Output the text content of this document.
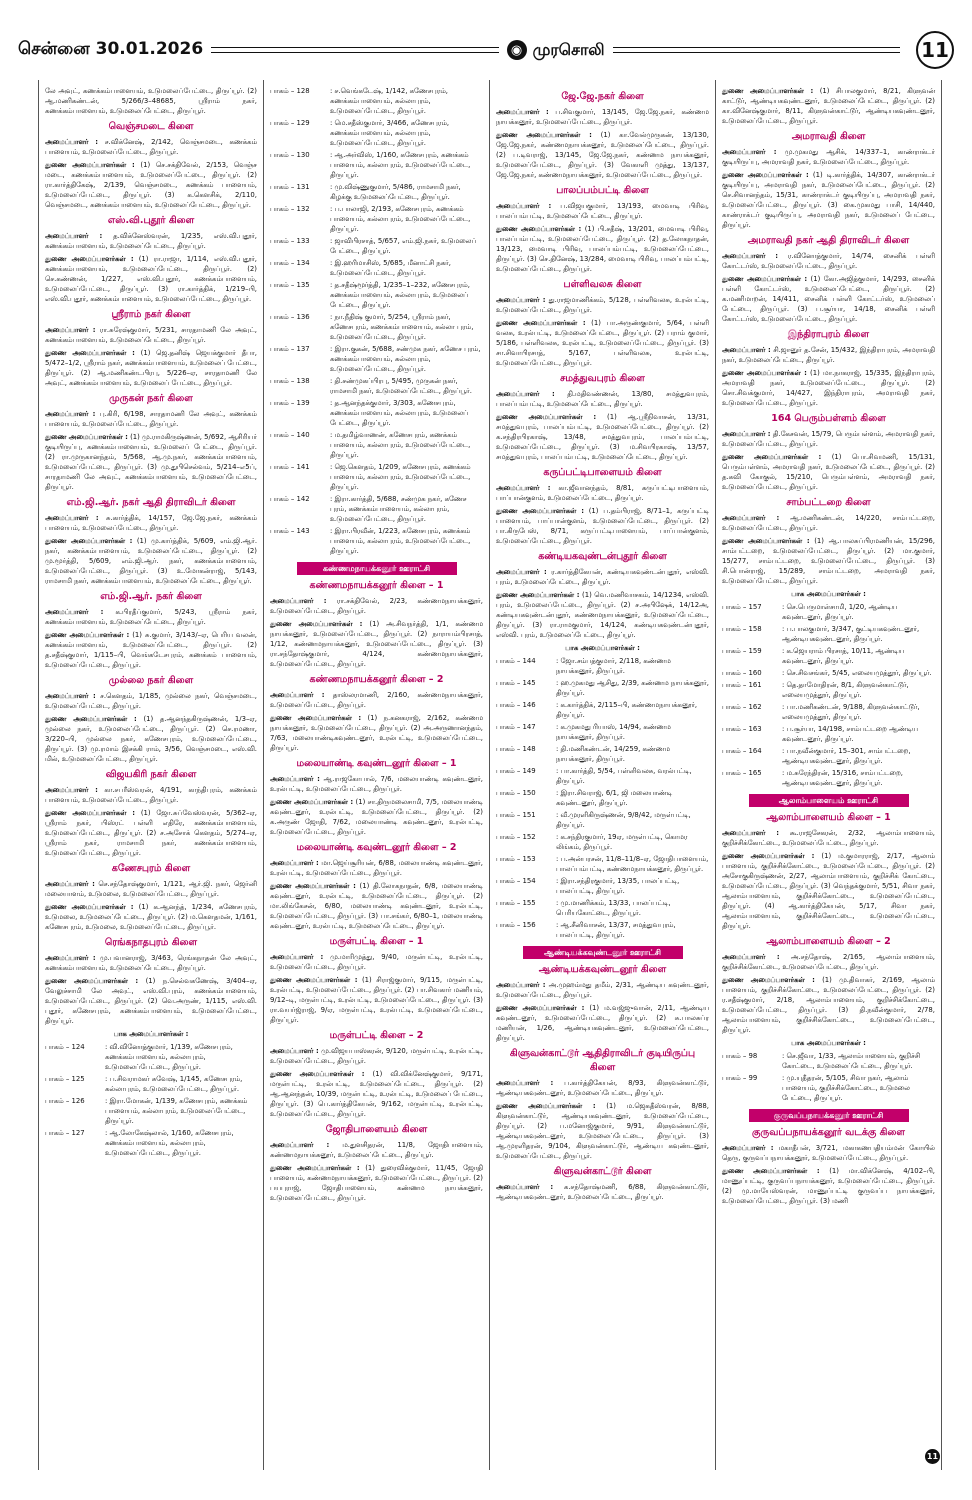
சென்னை 30.01.2026	◉ முரசொலி	11

லே அவுட், கணக்கம்பாளையம், உடுமலைப்பேட்டை, திருப்பூர். (2) ஆ.மணிகண்டன், 5/266/3–48685, ஸ்ரீராம் நகர், கணக்கம்பாளையம், உடுமலைப்பேட்டை, திருப்பூர்.

வெஞ்சமடை கிளை

அமைப்பாளர் : ச.விக்னேஷ், 2/142, வெஞ்சமடை, கணக்கம் பாளையம், உடுமலைப்பேட்டை, திருப்பூர்.

துணை அமைப்பாளர்கள் : (1) செ.சக்திவேல், 2/153, வெஞ்ச மடை, கணக்கம்பாளையம், உடுமலைப்பேட்டை, திருப்பூர். (2) ரா.கார்த்திகேஷ், 2/139, வெஞ்சமடை, கணக்கம் பாளையம், உடுமலைப்பேட்டை, திருப்பூர். (3) க.கௌசிக், 2/110, வெஞ்சமடை, கணக்கம்பாளையம், உடுமலைப்பேட்டை, திருப்பூர்.

எஸ்.வி.புதூர் கிளை

அமைப்பாளர் : த.விக்னேஸ்வரன், 1/235, எஸ்.வி.புதூர், கணக்கம்பாளையம், உடுமலைப்பேட்டை, திருப்பூர்.

துணை அமைப்பாளர்கள் : (1) ரா.ராஜா, 1/114, எஸ்.வி.புதூர், கணக்கம்பாளையம், உடுமலைப்பேட்டை, திருப்பூர். (2) செ.கண்ணன், 1/227, எஸ்.வி.புதூர், கணக்கம்பாளையம், உடுமலைப்பேட்டை, திருப்பூர். (3) ரா.கார்த்திக், 1/219–பி, எஸ்.வி.புதூர், கணக்கம்பாளையம், உடுமலைப்பேட்டை, திருப்பூர்.

ஸ்ரீராம் நகர் கிளை

அமைப்பாளர் : ரா.சுரேஷ்குமார், 5/231, சாரதாமணி லே அவுட், கணக்கம்பாளையம், உடுமலைப்பேட்டை, திருப்பூர்.

துணை அமைப்பாளர்கள் : (1) ஜெ.தனிஷ் ஜெயக்குமார் தீபா, 5/472–1/2, ஸ்ரீராம் நகர், கணக்கம்பாளையம், உடுமலைப் பேட்டை, திருப்பூர். (2) ஆ.மணிகண்டபிரபு, 5/226–ஏ, சாரதாமணி லே அவுட், கணக்கம்பாளையம், உடுமலைப் பேட்டை, திருப்பூர்.

முருகன் நகர் கிளை

அமைப்பாளர் : பு.கிரி, 6/198, சாரதாமணி லே அவுட், கணக்கம் பாளையம், உடுமலைப்பேட்டை, திருப்பூர்.

துணை அமைப்பாளர்கள் : (1) மு.ராமகிருஷ்ணன், 5/692, ஆசிரியர் குடியிருப்பு, கணக்கம்பாளையம், உடுமலைப் பேட்டை, திருப்பூர். (2) ரா.முருகானந்தம், 5/568, ஆ.மு.நகர், கணக்கம்பாளையம், உடுமலைப்பேட்டை, திருப்பூர். (3) மு.துபிசெல்வம், 5/214–எ5ப், சாரதாமணி லே அவுட், கணக்கம்பாளையம், உடுமலைப்பேட்டை, திருப்பூர்.

எம்.ஜி.ஆர். நகர் ஆதி திராவிடர் கிளை

அமைப்பாளர் : சு.கார்த்திக், 14/157, ஜே.ஜே.நகர், கணக்கம் பாளையம், உடுமலைப்பேட்டை, திருப்பூர்.

துணை அமைப்பாளர்கள் : (1) மு.கார்த்திக், 5/609, எம்.ஜி.ஆர். நகர், கணக்கம்பாளையம், உடுமலைப்பேட்டை, திருப்பூர். (2) மு.மூர்த்தி, 5/609, எம்.ஜி.ஆர். நகர், கணக்கம்பாளையம், உடுமலைப்பேட்டை, திருப்பூர். (3) உ.மோகன்ராஜ், 5/143, ராமசாமி நகர், கணக்கம்பாளையம், உடுமலைப்பேட்டை, திருப்பூர்.

எம்.ஜி.ஆர். நகர் கிளை

அமைப்பாளர் : க.பிரதீப்குமார், 5/243, ஸ்ரீராம் நகர், கணக்கம்பாளையம், உடுமலைப்பேட்டை, திருப்பூர்.

துணை அமைப்பாளர்கள் : (1) சு.குமார், 3/143/–ஏ, பெரிய வலன், கணக்கம்பாளையம், உடுமலைப்பேட்டை, திருப்பூர். (2) த.சதீஷ்குமார், 1/115–பி, வெங்கடேசபுரம், கணக்கம் பாளையம், உடுமலைப்பேட்டை, திருப்பூர்.

முல்லை நகர் கிளை

அமைப்பாளர் : ச.கௌதம், 1/185, முல்லை நகர், வெஞ்சமடை, உடுமலைப்பேட்டை, திருப்பூர்.

துணை அமைப்பாளர்கள் : (1) த.ஆனந்தகிருஷ்ணன், 1/3–ஏ, முல்லை நகர், உடுமலைப்பேட்டை, திருப்பூர். (2) செ.ரமணா, 3/220–பி, முல்லை நகர், கணேசபுரம், உடுமலைப்பேட்டை, திருப்பூர். (3) மு.ரமாம் இசக்கி ராம், 3/56, வெஞ்சமடை, எஸ்.வி. மில், உடுமலைப்பேட்டை, திருப்பூர்.

விஜயகிரி நகர் கிளை

அமைப்பாளர் : கா.சபரீஸ்வரன், 4/191, காந்திபுரம், கணக்கம் பாளையம், உடுமலைப்பேட்டை, திருப்பூர்.

துணை அமைப்பாளர்கள் : (1) ஜோ.சுப்வேஸ்வரன், 5/362–ஏ, ஸ்ரீராம் நகர், பிஸ்ரட் பள்ளி எதிரே, கணக்கம்பாளையம், உடுமலைப்பேட்டை, திருப்பூர். (2) ச.அசோக் கௌதம், 5/274–ஏ, ஸ்ரீராம் நகர், ராமசாமி நகர், கணக்கம்பாளையம், உடுமலைப்பேட்டை, திருப்பூர்.

கணேசபுரம் கிளை

அமைப்பாளர் : செ.சந்தோஷ்குமார், 1/121, ஆர்.ஜி. நகர், ஜெர்னி மலையாளம், உடுமலை, உடுமலைப்பேட்டை, திருப்பூர்.

துணை அமைப்பாளர்கள் : (1) க.ஆனந்த், 1/234, கணேசபுரம், உடுமலை, உடுமலைப்பேட்டை, திருப்பூர். (2) ம.கௌதமன், 1/161, கணேசபுரம், உடுமலை, உடுமலைப்பேட்டை, திருப்பூர்.

ரெங்கநாதபுரம் கிளை

அமைப்பாளர் : மு.பவானராஜ், 3/463, ரெங்கநாதன் லே அவுட், கணக்கம்பாளையம், உடுமலைப்பேட்டை, திருப்பூர்.

துணை அமைப்பாளர்கள் : (1) ந.செல்வகணேஷ், 3/404–ஏ, வேலுச்சாமி லே அவுட், எஸ்.வி.புரம், கணக்கம்பாளையம், உடுமலைப்பேட்டை, திருப்பூர். (2) வெ.அருண், 1/115, எஸ்.வி. புதூர், கணேசபுரம், கணக்கம்பாளையம், உடுமலைப்பேட்டை, திருப்பூர்.

பாக அமைப்பாளர்கள் :
பாகம் – 124	: வி.வினோத்குமார், 1/139, கணேசபுரம், கணக்கம்பாளையம், கல்லாபுரம், உடுமலைப்பேட்டை, திருப்பூர்.
பாகம் – 125	: ப.சிவராமகர் சுவேஷ், 1/145, கணேசபுரம், கல்லாபுரம், உடுமலைப்பேட்டை, திருப்பூர்.
பாகம் – 126	: இரா.மோகன், 1/139, கணேசபுரம், கணக்கம் பாளையம், கல்லாபுரம், உடுமலைப்பேட்டை, திருப்பூர்.
பாகம் – 127	: ஆ.லோகேஷ்லால், 1/160, கணேசபுரம், கணக்கம்பாளையம், கல்லாபுரம், உடுமலைப்பேட்டை, திருப்பூர்.
பாகம் – 128	: ச.வெங்கடேஷ், 1/142, கணேசபுரம், கணக்கம்பாளையம், கல்லாபுரம், உடுமலைப்பேட்டை, திருப்பூர்.
பாகம் – 129	: மெ.சதீஸ்குமார், 3/466, கணேசபுரம், கணக்கம்பாளையம், கல்லாபுரம், உடுமலைப்பேட்டை, திருப்பூர்.
பாகம் – 130	: ஆ.அர்விஸ், 1/160, கணேசபுரம், கணக்கம் பாளையம், கல்லாபுரம், உடுமலைப்பேட்டை, திருப்பூர்.
பாகம் – 131	: மு.விஷ்ணுகுமார், 5/486, ராமசாமி நகர், கிழக்கு உடுமலைப்பேட்டை, திருப்பூர்.
பாகம் – 132	: ப.பாலாஜி, 2/193, கணேசபுரம், கணக்கம் பாளையம், கல்லாபுரம், உடுமலைப்பேட்டை, திருப்பூர்.
பாகம் – 133	: ஜாவிபிரசாத், 5/657, எம்.ஜி.நகர், உடுமலைப் பேட்டை, திருப்பூர்.
பாகம் – 134	: இ.ஹரிமாசிஸ், 5/685, மீனாட்சி நகர், உடுமலைப்பேட்டை, திருப்பூர்.
பாகம் – 135	: த.சதீஷ்மூர்த்தி, 1/235–1–232, கணேசபுரம், கணக்கம்பாளையம், கல்லாபுரம், உடுமலைப் பேட்டை, திருப்பூர்.
பாகம் – 136	: நா.நீதிஷ் குமார், 5/254, ஸ்ரீராம் நகர், கணேசபுரம், கணக்கம்பாளையம், கல்லா புரம், உடுமலைப்பேட்டை, திருப்பூர்.
பாகம் – 137	: இரா.குகன், 5/688, சண்முக நகர், கணேச புரம், கணக்கம்பாளையம், கல்லாபுரம், உடுமலைப்பேட்டை, திருப்பூர்.
பாகம் – 138	: தி.சண்முகப்பிரபு, 5/495, முருகன் நகர், ராமசாமி நகர், உடுமலைப்பேட்டை, திருப்பூர்.
பாகம் – 139	: த.ஆனந்தக்குமார், 3/303, கணேசபுரம், கணக்கம்பாளையம், கல்லாபுரம், உடுமலைப் பேட்டை, திருப்பூர்.
பாகம் – 140	: ம.தமிழ்வாணன், கணேசபுரம், கணக்கம் பாளையம், கல்லாபுரம், உடுமலைப்பேட்டை, திருப்பூர்.
பாகம் – 141	: ஜெ.கௌதம், 1/209, கணேசபுரம், கணக்கம் பாளையம், கல்லாபுரம், உடுமலைப்பேட்டை, திருப்பூர்.
பாகம் – 142	: இரா.கார்த்தி, 5/688, சண்முக நகர், கணேச புரம், கணக்கம்பாளையம், கல்லாபுரம், உடுமலைப்பேட்டை, திருப்பூர்.
பாகம் – 143	: இரா.பிரவீன், 1/223, கணேசபுரம், கணக்கம் பாளையம், கல்லாபுரம், உடுமலைப்பேட்டை, திருப்பூர்.
கண்ணமநாயக்கனூர் ஊராட்சி
கண்ணமநாயக்கனூர் கிளை – 1

அமைப்பாளர் : ரா.சக்திவேல், 2/23, கண்ணமநாயக்கனூர், உடுமலைப்பேட்டை, திருப்பூர்.

துணை அமைப்பாளர்கள் : (1) அ.சிவநர்த்தி, 1/1, கண்ணம நாயக்கனூர், உடுமலைப்பேட்டை, திருப்பூர். (2) நாராயம்பிரசாத், 1/12, கண்ணமநாயக்கனூர், உடுமலைப்பேட்டை, திருப்பூர். (3) ரா.சந்தோஷ்குமார், 4/124, கண்ணமநாயக்கனூர், உடுமலைப்பேட்டை, திருப்பூர்.

கண்ணமநாயக்கனூர் கிளை – 2

அமைப்பாளர் : தாஸ்லரமாணி, 2/160, கண்ணமநாயக்கனூர், உடுமலைப்பேட்டை, திருப்பூர்.

துணை அமைப்பாளர்கள் : (1) ந.கனகராஜ், 2/162, கண்ணம நாயக்கனூர், உடுமலைப்பேட்டை, திருப்பூர். (2) அ.அருணானந்தம், 7/63, மலையாண்டிகவுண்டனூர், உரல்பட்டி, உடுமலைப்பேட்டை, திருப்பூர்.

மலையாண்டி கவுண்டனூர் கிளை – 1

அமைப்பாளர் : ஆ.ராஜகோபால், 7/6, மலையாண்டி கவுண்டனூர், உரல்பட்டி, உடுமலைப்பேட்டை, திருப்பூர்.

துணை அமைப்பாளர்கள் : (1) சா.திருமலைசாமி, 7/5, மலையாண்டி கவுண்டனூர், உரல்பட்டி, உடுமலைப்பேட்டை, திருப்பூர். (2) க.அருண் ஜோதி, 7/62, மலையாண்டி கவுண்டனூர், உரல்பட்டி, உடுமலைப்பேட்டை, திருப்பூர்.

மலையாண்டி கவுண்டனூர் கிளை – 2

அமைப்பாளர் : மா.ஜெய்சூரியன், 6/88, மலையாண்டி கவுண்டனூர், உரல்பட்டி, உடுமலைப்பேட்டை, திருப்பூர்.

துணை அமைப்பாளர்கள் : (1) தி.லோகநாதன், 6/8, மலையாண்டி கவுண்டனூர், உரல்பட்டி, உடுமலைப்பேட்டை, திருப்பூர். (2) மா.லிங்கேசன், 6/80, மலையாண்டி கவுண்டனூர், உரல்பட்டி, உடுமலைப்பேட்டை, திருப்பூர். (3) பா.சங்கர், 6/80–1, மலையாண்டி கவுண்டனூர், உரல்பட்டி, உடுமலைப்பேட்டை, திருப்பூர்.

மருள்பட்டி கிளை – 1

அமைப்பாளர் : மு.மாரிமுத்து, 9/40, மருள்பட்டி, உரல்பட்டி, உடுமலைப்பேட்டை, திருப்பூர்.

துணை அமைப்பாளர்கள் : (1) சிராஜ்குமார், 9/115, மருள்பட்டி, உரல்பட்டி, உடுமலைப்பேட்டை, திருப்பூர். (2) பா.சிவகார் மணியம், 9/12–டி, மருள்பட்டி, உரல்பட்டி, உடுமலைப்பேட்டை, திருப்பூர். (3) ரா.வயர்ஜ்ராஜ், 9/ஏ, மருள்பட்டி, உரல்பட்டி, உடுமலைப்பேட்டை, திருப்பூர்.

மருள்பட்டி கிளை – 2

அமைப்பாளர் : மு.விஜயபாஸ்கரன், 9/120, மருள்பட்டி, உரல்பட்டி, உடுமலைப்பேட்டை, திருப்பூர்.

துணை அமைப்பாளர்கள் : (1) வி.விக்னேஷ்குமார், 9/171, மருள்பட்டி, உரல்பட்டி, உடுமலைப்பேட்டை, திருப்பூர். (2) ஆ.ஆனந்தன், 10/39, மருள்பட்டி, உரல்பட்டி, உடுமலைப் பேட்டை, திருப்பூர். (3) பெ.கார்த்திகேயன், 9/162, மருள்பட்டி, உரல்பட்டி, உடுமலைப்பேட்டை, திருப்பூர்.

ஜோதிபாளையம் கிளை

அமைப்பாளர் : ம.துளசிதரன், 11/8, ஜோதிபாளையம், கண்ணமநாயக்கனூர், உடுமலைப்பேட்டை, திருப்பூர்.

துணை அமைப்பாளர்கள் : (1) துரைவிக்குமார், 11/45, ஜோதி பாளையம், கண்ணமநாயக்கனூர், உடுமலைப்பேட்டை, திருப்பூர். (2) பயபுராஜ், ஜோதிபாளையம், கண்ணம நாயக்கனூர், உடுமலைப்பேட்டை, திருப்பூர்.

ஜே.ஜே.நகர் கிளை

அமைப்பாளர் : ப.சிவகுமார், 13/145, ஜே.ஜே.நகர், கண்ணம நாயக்கனூர், உடுமலைப்பேட்டை, திருப்பூர்.

துணை அமைப்பாளர்கள் : (1) கா.வேல்முருகன், 13/130, ஜே.ஜே.நகர், கண்ணமநாயக்கனூர், உடுமலைப்பேட்டை, திருப்பூர். (2) ப.டிவராஜ், 13/145, ஜே.ஜே.நகர், கண்ணம நாயக்கனூர், உடுமலைப்பேட்டை, திருப்பூர். (3) வேகாளி முத்து, 13/137, ஜே.ஜே.நகர், கண்ணமநாயக்கனூர், உடுமலைப்பேட்டை, திருப்பூர்.

பாலப்பம்பட்டி கிளை

அமைப்பாளர் : ப.விஜயகுமார், 13/193, மைவாடி பிரிவு, பாலப்பம்பட்டி, உடுமலைப்பேட்டை, திருப்பூர்.

துணை அமைப்பாளர்கள் : (1) பி.சதீஷ், 13/201, மைவாடி பிரிவு, பாலப்பம்பட்டி, உடுமலைப்பேட்டை, திருப்பூர். (2) த.லோகநாதன், 13/123, மைவாடி பிரிவு, பாலப்பம்பட்டி, உடுமலைப்பேட்டை, திருப்பூர். (3) செ.தினேஷ், 13/284, மைவாடி பிரிவு, பாலப்பம்பட்டி, உடுமலைப்பேட்டை, திருப்பூர்.

பள்ளிவலசு கிளை

அமைப்பாளர் : து.ராஜமாணிக்கம், 5/128, பள்ளிவலசு, உரல்பட்டி, உடுமலைப்பேட்டை, திருப்பூர்.

துணை அமைப்பாளர்கள் : (1) பா.அருண்குமார், 5/64, பள்ளி வலசு, உரல்பட்டி, உடுமலைப்பேட்டை, திருப்பூர். (2) பராம் குமார், 5/186, பள்ளிவலசு, உரல்பட்டி, உடுமலைப்பேட்டை, திருப்பூர். (3) சா.சிவாபிரசாத், 5/167, பள்ளிவலசு, உரல்பட்டி, உடுமலைப்பேட்டை, திருப்பூர்.

சமத்துவபுரம் கிளை

அமைப்பாளர் : தி.மதிவண்ணன், 13/80, சமத்துவபுரம், பாலப்பம்பட்டி, உடுமலைப்பேட்டை, திருப்பூர்.

துணை அமைப்பாளர்கள் : (1) ஆ.ஸ்ரீநிவாசன், 13/31, சமத்துவபுரம், பாலப்பம்பட்டி, உடுமலைப்பேட்டை, திருப்பூர். (2) க.சந்திரபிரகாஷ், 13/48, சமத்துவபுரம், பாலப்பம்பட்டி, உடுமலைப்பேட்டை, திருப்பூர். (3) ம.சிவபிரகாஷ், 13/57, சமத்துவபுரம், பாலப்பம்பட்டி, உடுமலைப்பேட்டை, திருப்பூர்.

கருப்பட்டிபாளையம் கிளை

அமைப்பாளர் : கா.ஜீவானந்தம், 8/81, கருப்பட்டிபாளையம், பாப்பான்குளம், உடுமலைப்பேட்டை, திருப்பூர்.

துணை அமைப்பாளர்கள் : (1) ப.தம்பிராஜ், 8/71–1, கருப்பட்டி பாளையம், பாப்பான்குளம், உடுமலைப்பேட்டை, திருப்பூர். (2) பா.கிருபேஸ், 8/71, கருப்பட்டிபாளையம், பாப்பான்குளம், உடுமலைப்பேட்டை, திருப்பூர்.

கண்டியகவுண்டன்புதூர் கிளை

அமைப்பாளர் : ர.கார்த்திகேயன், கண்டியகவுண்டன்புதூர், எஸ்வி. புரம், உடுமலைப்பேட்டை, திருப்பூர்.

துணை அமைப்பாளர்கள் : (1) வெ.மணிவாசகம், 14/1234, எஸ்வி. புரம், உடுமலைப்பேட்டை, திருப்பூர். (2) ச.அபிஷேக், 14/12அ, கண்டியகவுண்டன்புதூர், கண்ணமநாயக்கனூர், உடுமலைப்பேட்டை, திருப்பூர். (3) ரா.ராமகுமார், 14/124, கண்டியகவுண்டன்புதூர், எஸ்வி. புரம், உடுமலைப்பேட்டை, திருப்பூர்.

பாக அமைப்பாளர்கள் :
பாகம் – 144	: ஜோ.சம்பத்குமார், 2/118, கண்ணம நாயக்கனூர், திருப்பூர்.
பாகம் – 145	: ஹ.முகமது ஆசிது, 2/39, கண்ணம நாயக்கனூர், திருப்பூர்.
பாகம் – 146	: க.கார்த்திக், 2/115–பி, கண்ணமநாயக்கனூர், திருப்பூர்.
பாகம் – 147	: க.முகமது ரியாஸ், 14/94, கண்ணம நாயக்கனூர், திருப்பூர்.
பாகம் – 148	: தி.மணிகண்டன், 14/259, கண்ணம நாயக்கனூர், திருப்பூர்.
பாகம் – 149	: பா.கார்த்தி, 5/54, பள்ளிவலசு, வரல்பட்டி, திருப்பூர்.
பாகம் – 150	: இரா.சிவராஜ், 6/1, ஜி மலையாண்டி கவுண்டனூர், திருப்பூர்.
பாகம் – 151	: வீ.முரளிகிருஷ்ணன், 9/8/42, மருள்பட்டி, திருப்பூர்.
பாகம் – 152	: க.சந்திரகுமார், 19ஏ, மருள்பட்டி, கொமர லிங்கம், திருப்பூர்.
பாகம் – 153	: ப.அன்பரசன், 11/8–11/8–ஏ, ஜோதிபாளையம், பாலப்பம்பட்டி, கண்ணமநாயக்கனூர், திருப்பூர்.
பாகம் – 154	: இரா.சந்திரகுமார், 13/35, பாலப்பட்டி, பாலப்பட்டி, திருப்பூர்.
பாகம் – 155	: மு.மாணிக்கம், 13/33, பாலப்பட்டி, பெரியகோட்டை, திருப்பூர்.
பாகம் – 156	: ஆ.சீனிவாசன், 13/37, சமத்துவபுரம், பாலப்பட்டி, திருப்பூர்.
ஆண்டியக்கவுண்டனூர் ஊராட்சி
ஆண்டியக்கவுண்டனூர் கிளை

அமைப்பாளர் : அ.முஹம்மது தமீம், 2/31, ஆண்டிய கவுண்டனூர், உடுமலைப்பேட்டை, திருப்பூர்.

துணை அமைப்பாளர்கள் : (1) ம.வஜ்ஜுவான், 2/11, ஆண்டிய கவுண்டனூர், உடுமலைப்பேட்டை, திருப்பூர். (2) சு.பாலசுப்ர மணியன், 1/26, ஆண்டியகவுண்டனூர், உடுமலைப்பேட்டை, திருப்பூர்.

கிளுவன்காட்டூர் ஆதிதிராவிடர் குடியிருப்பு கிளை

அமைப்பாளர் : ப.கார்த்திகேயன், 8/93, கிளுவன்காட்டூர், ஆண்டியகவுண்டனூர், உடுமலைப்பேட்டை, திருப்பூர்.

துணை அமைப்பாளர்கள் : (1) ம.ஜெகதீஸ்வரன், 8/88, கிளுவன்காட்டூர், ஆண்டியகவுண்டனூர், உடுமலைப்பேட்டை, திருப்பூர். (2) ப.மனோஜ்குமார், 9/91, கிளுவன்காட்டூர், ஆண்டியகவுண்டனூர், உடுமலைப்பேட்டை, திருப்பூர். (3) ஆ.முரளிதரன், 9/104, கிளுவன்காட்டூர், ஆண்டிய கவுண்டனூர், உடுமலைப்பேட்டை, திருப்பூர்.

கிளுவன்காட்டூர் கிளை

அமைப்பாளர் : க.சந்தோஷ்மணி, 6/88, கிளுவன்காட்டூர், ஆண்டியகவுண்டனூர், உடுமலைப்பேட்டை, திருப்பூர்.

துணை அமைப்பாளர்கள் : (1) சிபாலகுமார், 8/21, கிளுவன் காட்டூர், ஆண்டியகவுண்டனூர், உடுமலைப்பேட்டை, திருப்பூர். (2) கா.வினேஷ்குமார், 8/11, கிளுவன்காட்டூர், ஆண்டியகவுண்டனூர், உடுமலைப்பேட்டை, திருப்பூர்.

அமராவதி கிளை

அமைப்பாளர் : மு.முகமது ஆசிக், 14/337–1, காண்ராக்டர் குடியிருப்பு, அமராவதி நகர், உடுமலைப்பேட்டை, திருப்பூர்.

துணை அமைப்பாளர்கள் : (1) டி.கார்த்திக், 14/307, காண்ராக்டர் குடியிருப்பு, அமராவதி நகர், உடுமலைப்பேட்டை, திருப்பூர். (2) செ.சிவானந்தம், 15/31, காண்ராக்டர் குடியிருப்பு, அமராவதி நகர், உடுமலைப்பேட்டை, திருப்பூர். (3) கை.முகமது பாசி, 14/440, காண்ராக்டர் குடியிருப்பு, அமராவதி நகர், உடுமலைப் பேட்டை, திருப்பூர்.

அமராவதி நகர் ஆதி திராவிடர் கிளை

அமைப்பாளர் : ர.வினோத்குமார், 14/74, சைனிக் பள்ளி கோட்டர்ஸ், உடுமலைப்பேட்டை, திருப்பூர்.

துணை அமைப்பாளர்கள் : (1) கோ.அஜித்குமார், 14/293, சைனிக் பள்ளி கோட்டர்ஸ், உடுமலைப்பேட்டை, திருப்பூர். (2) க.மணிமாறன், 14/411, சைனிக் பள்ளி கோட்டர்ஸ், உடுமலைப் பேட்டை, திருப்பூர். (3) ப.சூர்யா, 14/18, சைனிக் பள்ளி கோட்டர்ஸ், உடுமலைப்பேட்டை, திருப்பூர்.

இந்திராபுரம் கிளை

அமைப்பாளர் : சி.ஜானுர் த.சேன், 15/432, இந்திராபுரம், அமராவதி நகர், உடுமலைப்பேட்டை, திருப்பூர்.

துணை அமைப்பாளர்கள் : (1) மா.நாகராஜ், 15/335, இந்திராபுரம், அமராவதி நகர், உடுமலைப்பேட்டை, திருப்பூர். (2) சொ.சிவக்குமார், 14/427, இந்திராபுரம், அமராவதி நகர், உடுமலைப்பேட்டை, திருப்பூர்.

164 பெரும்பள்ளம் கிளை

அமைப்பாளர் : தி.கேசவன், 15/79, பெரும்பள்ளம், அமராவதி நகர், உடுமலைப்பேட்டை, திருப்பூர்.

துணை அமைப்பாளர்கள் : (1) பொ.சிவமணி, 15/131, பெரும்பள்ளம், அமராவதி நகர், உடுமலைப்பேட்டை, திருப்பூர். (2) த.கவி கோகுல், 15/210, பெரும்பள்ளம், அமராவதி நகர், உடுமலைப்பேட்டை, திருப்பூர்.

சாம்பட்டறை கிளை

அமைப்பாளர் : ஆ.மணிகண்டன், 14/220, சாம்பட்டறை, உடுமலைப்பேட்டை, திருப்பூர்.

துணை அமைப்பாளர்கள் : (1) ஆ.பாலசுப்பிரமணியன், 15/296, சாம்பட்டறை, உடுமலைப்பேட்டை, திருப்பூர். (2) மா.குமார், 15/277, சாம்பட்டறை, உடுமலைப்பேட்டை, திருப்பூர். (3) சி.பொன்ராஜ், 15/289, சாம்பட்டறை, அமராவதி நகர், உடுமலைப்பேட்டை, திருப்பூர்.

பாக அமைப்பாளர்கள் :
பாகம் – 157	: செ.பெருமாள்சாமி, 1/20, ஆண்டிய கவுண்டனூர், திருப்பூர்.
பாகம் – 158	: ப.பாலகுமார், 3/347, குட்டியகவுண்டனூர், ஆண்டியகவுண்டனூர், திருப்பூர்.
பாகம் – 159	: க.ஜெயராம் பிரசாத், 10/11, ஆண்டிய கவுண்டனூர், திருப்பூர்.
பாகம் – 160	: செ.சிவசங்கர், 5/45, எலையமுத்தூர், திருப்பூர்.
பாகம் – 161	: தெ.தாமோதிரன், 8/1, கிளுவன்காட்டூர், எலையமுத்தூர், திருப்பூர்.
பாகம் – 162	: பா.மணிகண்டன், 9/188, கிளுவன்காட்டூர், எலையமுத்தூர், திருப்பூர்.
பாகம் – 163	: ப.சூர்யா, 14/198, சாம்பட்டறை ஆண்டிய கவுண்டனூர், திருப்பூர்.
பாகம் – 164	: பா.நவீன்குமார், 15–301, சாம்பட்டறை, ஆண்டியகவுண்டனூர், திருப்பூர்.
பாகம் – 165	: ம.சுரேந்திரன், 15/316, சாம்பட்டறை, ஆண்டியகவுண்டனூர், திருப்பூர்.
ஆலாம்பாளையம் ஊராட்சி
ஆலாம்பாளையம் கிளை – 1

அமைப்பாளர் : கூ.ராஜசேகரன், 2/32, ஆலாம்பாளையம், குறிச்சிக்கோட்டை, உடுமலைப்பேட்டை, திருப்பூர்.

துணை அமைப்பாளர்கள் : (1) ம.குமாரராஜ், 2/17, ஆலாம் பாளையம், குறிச்சிக்கோட்டை, உடுமலைப்பேட்டை, திருப்பூர். (2) அசோகுகிருஷ்ணன், 2/27, ஆலாம்பாளையம், குறிச்சிக் கோட்டை, உடுமலைப்பேட்டை, திருப்பூர். (3) வெந்தக்குமார், 5/51, சிவா நகர், ஆலாம்பாளையம், குறிச்சிக்கோட்டை, உடுமலைப்பேட்டை, திருப்பூர். (4) ஆ.கார்த்திகேயன், 5/17, சிவா நகர், ஆலாம்பாளையம், குறிச்சிக்கோட்டை, உடுமலைப்பேட்டை, திருப்பூர்.

ஆலாம்பாளையம் கிளை – 2

அமைப்பாளர் : அ.சந்தோஷ், 2/165, ஆலாம்பாளையம், குறிச்சிக்கோட்டை, உடுமலைப்பேட்டை, திருப்பூர்.

துணை அமைப்பாளர்கள் : (1) மு.திவாகர், 2/169, ஆலாம் பாளையம், குறிச்சிக்கோட்டை, உடுமலைப்பேட்டை, திருப்பூர். (2) ர.சதீஷ்குமார், 2/18, ஆலாம்பாளையம், குறிச்சிக்கோட்டை, உடுமலைப்பேட்டை, திருப்பூர். (3) தி.நவீன்குமார், 2/78, ஆலாம்பாளையம், குறிச்சிக்கோட்டை, உடுமலைப்பேட்டை, திருப்பூர்.

பாக அமைப்பாளர்கள் :
பாகம் – 98	: செ.ஜீவா, 1/33, ஆலாம்பாளையம், குறிச்சி கோட்டை, உடுமலைப்பேட்டை, திருப்பூர்.
பாகம் – 99	: மு.யுதீதரன், 5/105, சிவா நகர், ஆலாம் பாளையம், குறிச்சிக்கோட்டை, உடுமலை பேட்டை, திருப்பூர்.
குருவப்பநாயக்கனூர் ஊராட்சி
குருவப்பநாயக்கனூர் வடக்கு கிளை

அமைப்பாளர் : மகாதீபன், 3/721, மகாகணபதியம்மன் கோயில் தெரு, குருவப்பநாயக்கனூர், உடுமலைப்பேட்டை, திருப்பூர்.

துணை அமைப்பாளர்கள் : (1) மா.விக்னேஷ், 4/102–பி, மாணுப்பட்டி, குருவப்பநாயக்கனூர், உடுமலைப்பேட்டை, திருப்பூர். (2) மு.மாயேஸ்வரன், மாணுப்பட்டி குருவப்ப நாயக்கனூர், உடுமலைப்பேட்டை, திருப்பூர். (3) மணி

11
